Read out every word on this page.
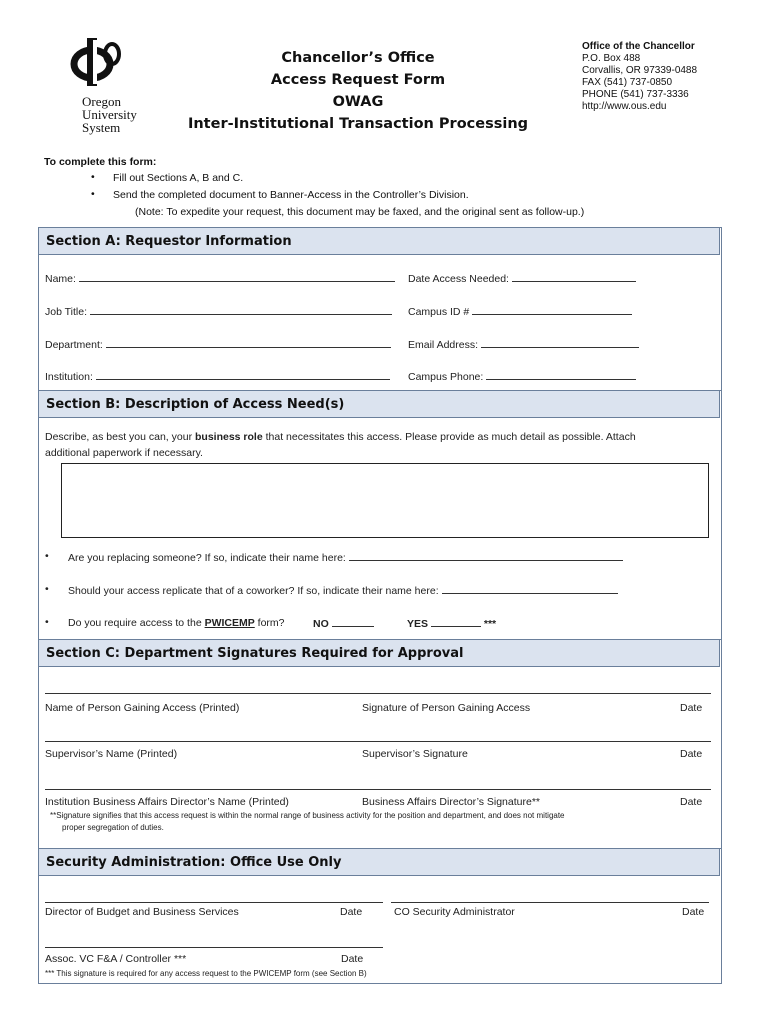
Oregon
University
System
Chancellor’s Office
Access Request Form
OWAG
Inter-Institutional Transaction Processing
Office of the Chancellor
P.O. Box 488
Corvallis, OR 97339-0488
FAX (541) 737-0850
PHONE (541) 737-3336
http://www.ous.edu
To complete this form:
• Fill out Sections A, B and C.
• Send the completed document to Banner-Access in the Controller’s Division.
(Note: To expedite your request, this document may be faxed, and the original sent as follow-up.)
Section A: Requestor Information
Name:	Date Access Needed:
Job Title:	Campus ID #
Department:	Email Address:
Institution:	Campus Phone:
Section B: Description of Access Need(s)
Describe, as best you can, your business role that necessitates this access. Please provide as much detail as possible. Attach
additional paperwork if necessary.
• Are you replacing someone? If so, indicate their name here:
• Should your access replicate that of a coworker? If so, indicate their name here:
• Do you require access to the PWICEMP form?	NO	YES	***
Section C: Department Signatures Required for Approval
Name of Person Gaining Access (Printed)	Signature of Person Gaining Access	Date
Supervisor’s Name (Printed)	Supervisor’s Signature	Date
Institution Business Affairs Director’s Name (Printed)	Business Affairs Director’s Signature**	Date
**Signature signifies that this access request is within the normal range of business activity for the position and department, and does not mitigate
proper segregation of duties.
Security Administration: Office Use Only
Director of Budget and Business Services	Date	CO Security Administrator	Date
Assoc. VC F&A / Controller ***	Date
*** This signature is required for any access request to the PWICEMP form (see Section B)
